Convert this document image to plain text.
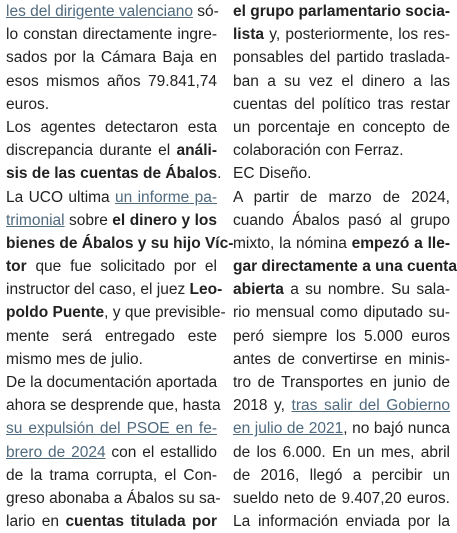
les del dirigente valenciano só-
lo constan directamente ingre-
sados por la Cámara Baja en
esos mismos años 79.841,74
euros.
Los agentes detectaron esta
discrepancia durante el análi-
sis de las cuentas de Ábalos.
La UCO ultima un informe pa-
trimonial sobre el dinero y los
bienes de Ábalos y su hijo Víc-
tor que fue solicitado por el
instructor del caso, el juez Leo-
poldo Puente, y que previsible-
mente será entregado este
mismo mes de julio.
De la documentación aportada
ahora se desprende que, hasta
su expulsión del PSOE en fe-
brero de 2024 con el estallido
de la trama corrupta, el Con-
greso abonaba a Ábalos su sa-
lario en cuentas titulada por
el grupo parlamentario socia-
lista y, posteriormente, los res-
ponsables del partido traslada-
ban a su vez el dinero a las
cuentas del político tras restar
un porcentaje en concepto de
colaboración con Ferraz.
EC Diseño.
A partir de marzo de 2024,
cuando Ábalos pasó al grupo
mixto, la nómina empezó a lle-
gar directamente a una cuenta
abierta a su nombre. Su sala-
rio mensual como diputado su-
peró siempre los 5.000 euros
antes de convertirse en minis-
tro de Transportes en junio de
2018 y, tras salir del Gobierno
en julio de 2021, no bajó nunca
de los 6.000. En un mes, abril
de 2016, llegó a percibir un
sueldo neto de 9.407,20 euros.
La información enviada por la
